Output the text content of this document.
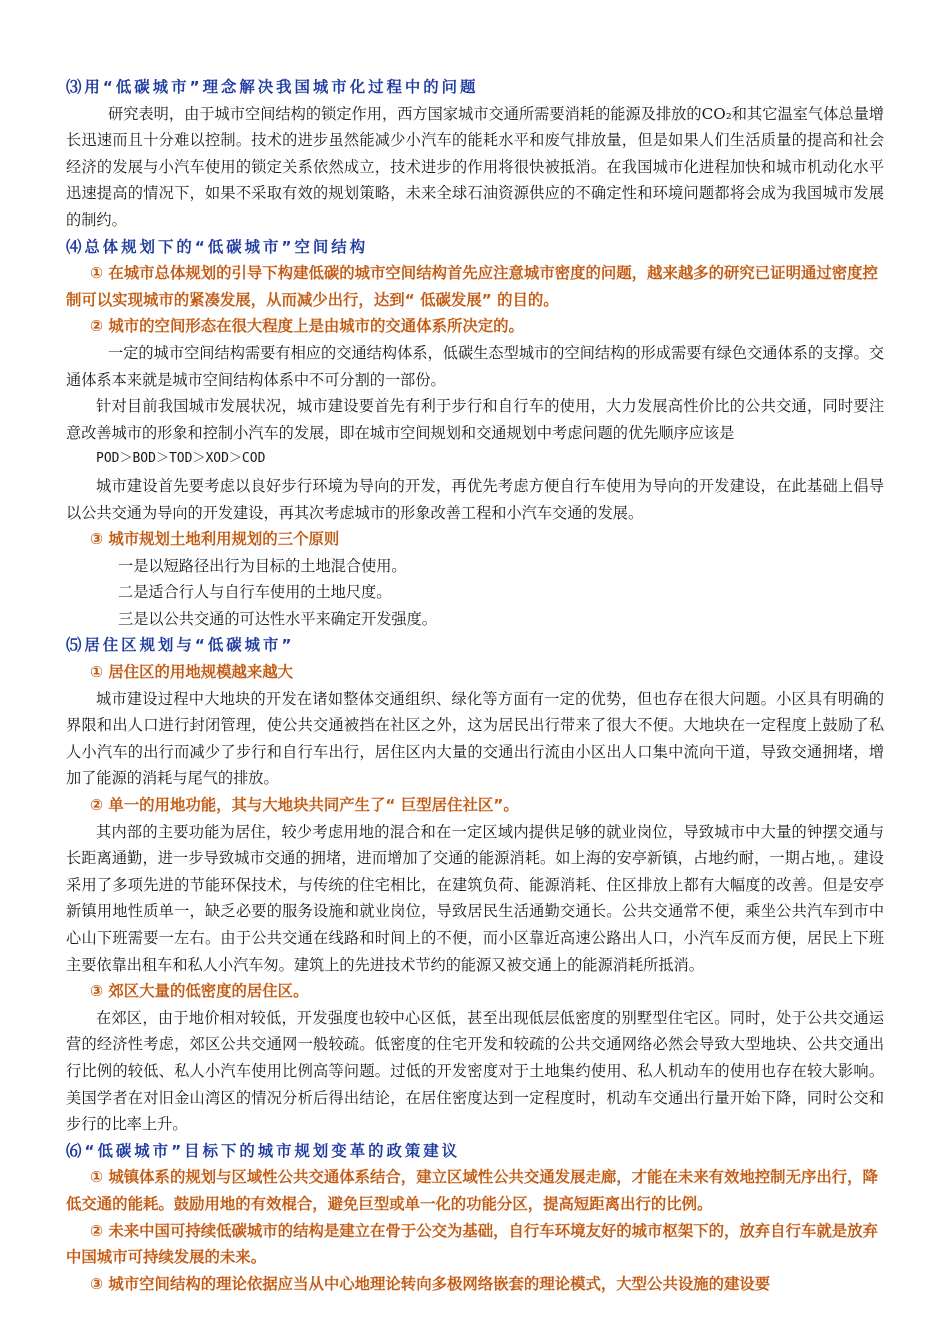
⑶用“低碳城市”理念解决我国城市化过程中的问题

研究表明，由于城市空间结构的锁定作用，西方国家城市交通所需要消耗的能源及排放的CO₂和其它温室气体总量增长迅速而且十分难以控制。技术的进步虽然能减少小汽车的能耗水平和废气排放量，但是如果人们生活质量的提高和社会经济的发展与小汽车使用的锁定关系依然成立，技术进步的作用将很快被抵消。在我国城市化进程加快和城市机动化水平迅速提高的情况下，如果不采取有效的规划策略，未来全球石油资源供应的不确定性和环境问题都将会成为我国城市发展的制约。

⑷总体规划下的“低碳城市”空间结构

① 在城市总体规划的引导下构建低碳的城市空间结构首先应注意城市密度的问题，越来越多的研究已证明通过密度控制可以实现城市的紧凑发展，从而减少出行，达到“ 低碳发展” 的目的。

② 城市的空间形态在很大程度上是由城市的交通体系所决定的。

一定的城市空间结构需要有相应的交通结构体系，低碳生态型城市的空间结构的形成需要有绿色交通体系的支撑。交通体系本来就是城市空间结构体系中不可分割的一部份。

针对目前我国城市发展状况，城市建设要首先有利于步行和自行车的使用，大力发展高性价比的公共交通，同时要注意改善城市的形象和控制小汽车的发展，即在城市空间规划和交通规划中考虑问题的优先顺序应该是

POD＞BOD＞TOD＞XOD＞COD

城市建设首先要考虑以良好步行环境为导向的开发，再优先考虑方便自行车使用为导向的开发建设，在此基础上倡导以公共交通为导向的开发建设，再其次考虑城市的形象改善工程和小汽车交通的发展。

③ 城市规划土地利用规划的三个原则

一是以短路径出行为目标的土地混合使用。

二是适合行人与自行车使用的土地尺度。

三是以公共交通的可达性水平来确定开发强度。

⑸居住区规划与“低碳城市”

① 居住区的用地规模越来越大

城市建设过程中大地块的开发在诸如整体交通组织、绿化等方面有一定的优势，但也存在很大问题。小区具有明确的界限和出人口进行封闭管理，使公共交通被挡在社区之外，这为居民出行带来了很大不便。大地块在一定程度上鼓励了私人小汽车的出行而减少了步行和自行车出行，居住区内大量的交通出行流由小区出人口集中流向干道，导致交通拥堵，增加了能源的消耗与尾气的排放。

② 单一的用地功能，其与大地块共同产生了“ 巨型居住社区”。

其内部的主要功能为居住，较少考虑用地的混合和在一定区域内提供足够的就业岗位，导致城市中大量的钟摆交通与长距离通勤，进一步导致城市交通的拥堵，进而增加了交通的能源消耗。如上海的安亭新镇，占地约耐，一期占地，。建设采用了多项先进的节能环保技术，与传统的住宅相比，在建筑负荷、能源消耗、住区排放上都有大幅度的改善。但是安亭新镇用地性质单一，缺乏必要的服务设施和就业岗位，导致居民生活通勤交通长。公共交通常不便，乘坐公共汽车到市中心山下班需要一左右。由于公共交通在线路和时间上的不便，而小区靠近高速公路出人口，小汽车反而方便，居民上下班主要依靠出租车和私人小汽车匆。建筑上的先进技术节约的能源又被交通上的能源消耗所抵消。

③ 郊区大量的低密度的居住区。

在郊区，由于地价相对较低，开发强度也较中心区低，甚至出现低层低密度的别墅型住宅区。同时，处于公共交通运营的经济性考虑，郊区公共交通网一般较疏。低密度的住宅开发和较疏的公共交通网络必然会导致大型地块、公共交通出行比例的较低、私人小汽车使用比例高等问题。过低的开发密度对于土地集约使用、私人机动车的使用也存在较大影响。美国学者在对旧金山湾区的情况分析后得出结论，在居住密度达到一定程度时，机动车交通出行量开始下降，同时公交和步行的比率上升。

⑹“低碳城市”目标下的城市规划变革的政策建议

① 城镇体系的规划与区域性公共交通体系结合，建立区域性公共交通发展走廊，才能在未来有效地控制无序出行，降低交通的能耗。鼓励用地的有效棍合，避免巨型或单一化的功能分区，提高短距离出行的比例。

② 未来中国可持续低碳城市的结构是建立在骨于公交为基础，自行车环境友好的城市枢架下的，放弃自行车就是放弃中国城市可持续发展的未来。

③ 城市空间结构的理论依据应当从中心地理论转向多极网络嵌套的理论模式，大型公共设施的建设要
